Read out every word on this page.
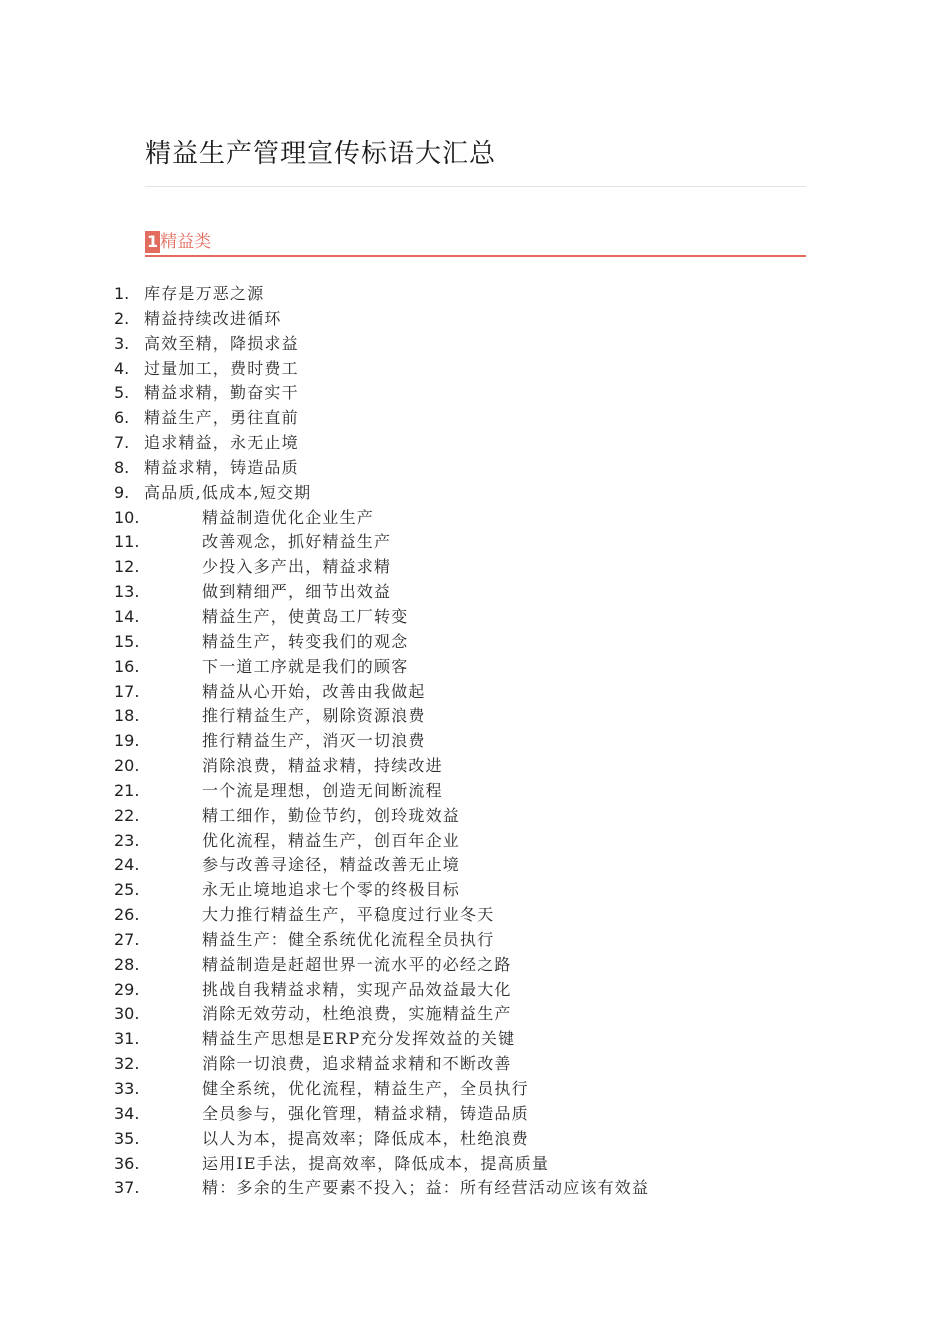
精益生产管理宣传标语大汇总
1 精益类
1. 库存是万恶之源
2. 精益持续改进循环
3. 高效至精，降损求益
4. 过量加工，费时费工
5. 精益求精，勤奋实干
6. 精益生产，勇往直前
7. 追求精益，永无止境
8. 精益求精，铸造品质
9. 高品质,低成本,短交期
10.	精益制造优化企业生产
11.	改善观念，抓好精益生产
12.	少投入多产出，精益求精
13.	做到精细严，细节出效益
14.	精益生产，使黄岛工厂转变
15.	精益生产，转变我们的观念
16.	下一道工序就是我们的顾客
17.	精益从心开始，改善由我做起
18.	推行精益生产，剔除资源浪费
19.	推行精益生产，消灭一切浪费
20.	消除浪费，精益求精，持续改进
21.	一个流是理想，创造无间断流程
22.	精工细作，勤俭节约，创玲珑效益
23.	优化流程，精益生产，创百年企业
24.	参与改善寻途径，精益改善无止境
25.	永无止境地追求七个零的终极目标
26.	大力推行精益生产，平稳度过行业冬天
27.	精益生产：健全系统优化流程全员执行
28.	精益制造是赶超世界一流水平的必经之路
29.	挑战自我精益求精，实现产品效益最大化
30.	消除无效劳动，杜绝浪费，实施精益生产
31.	精益生产思想是ERP充分发挥效益的关键
32.	消除一切浪费，追求精益求精和不断改善
33.	健全系统，优化流程，精益生产，全员执行
34.	全员参与，强化管理，精益求精，铸造品质
35.	以人为本，提高效率；降低成本，杜绝浪费
36.	运用IE手法，提高效率，降低成本，提高质量
37.	精：多余的生产要素不投入；益：所有经营活动应该有效益
